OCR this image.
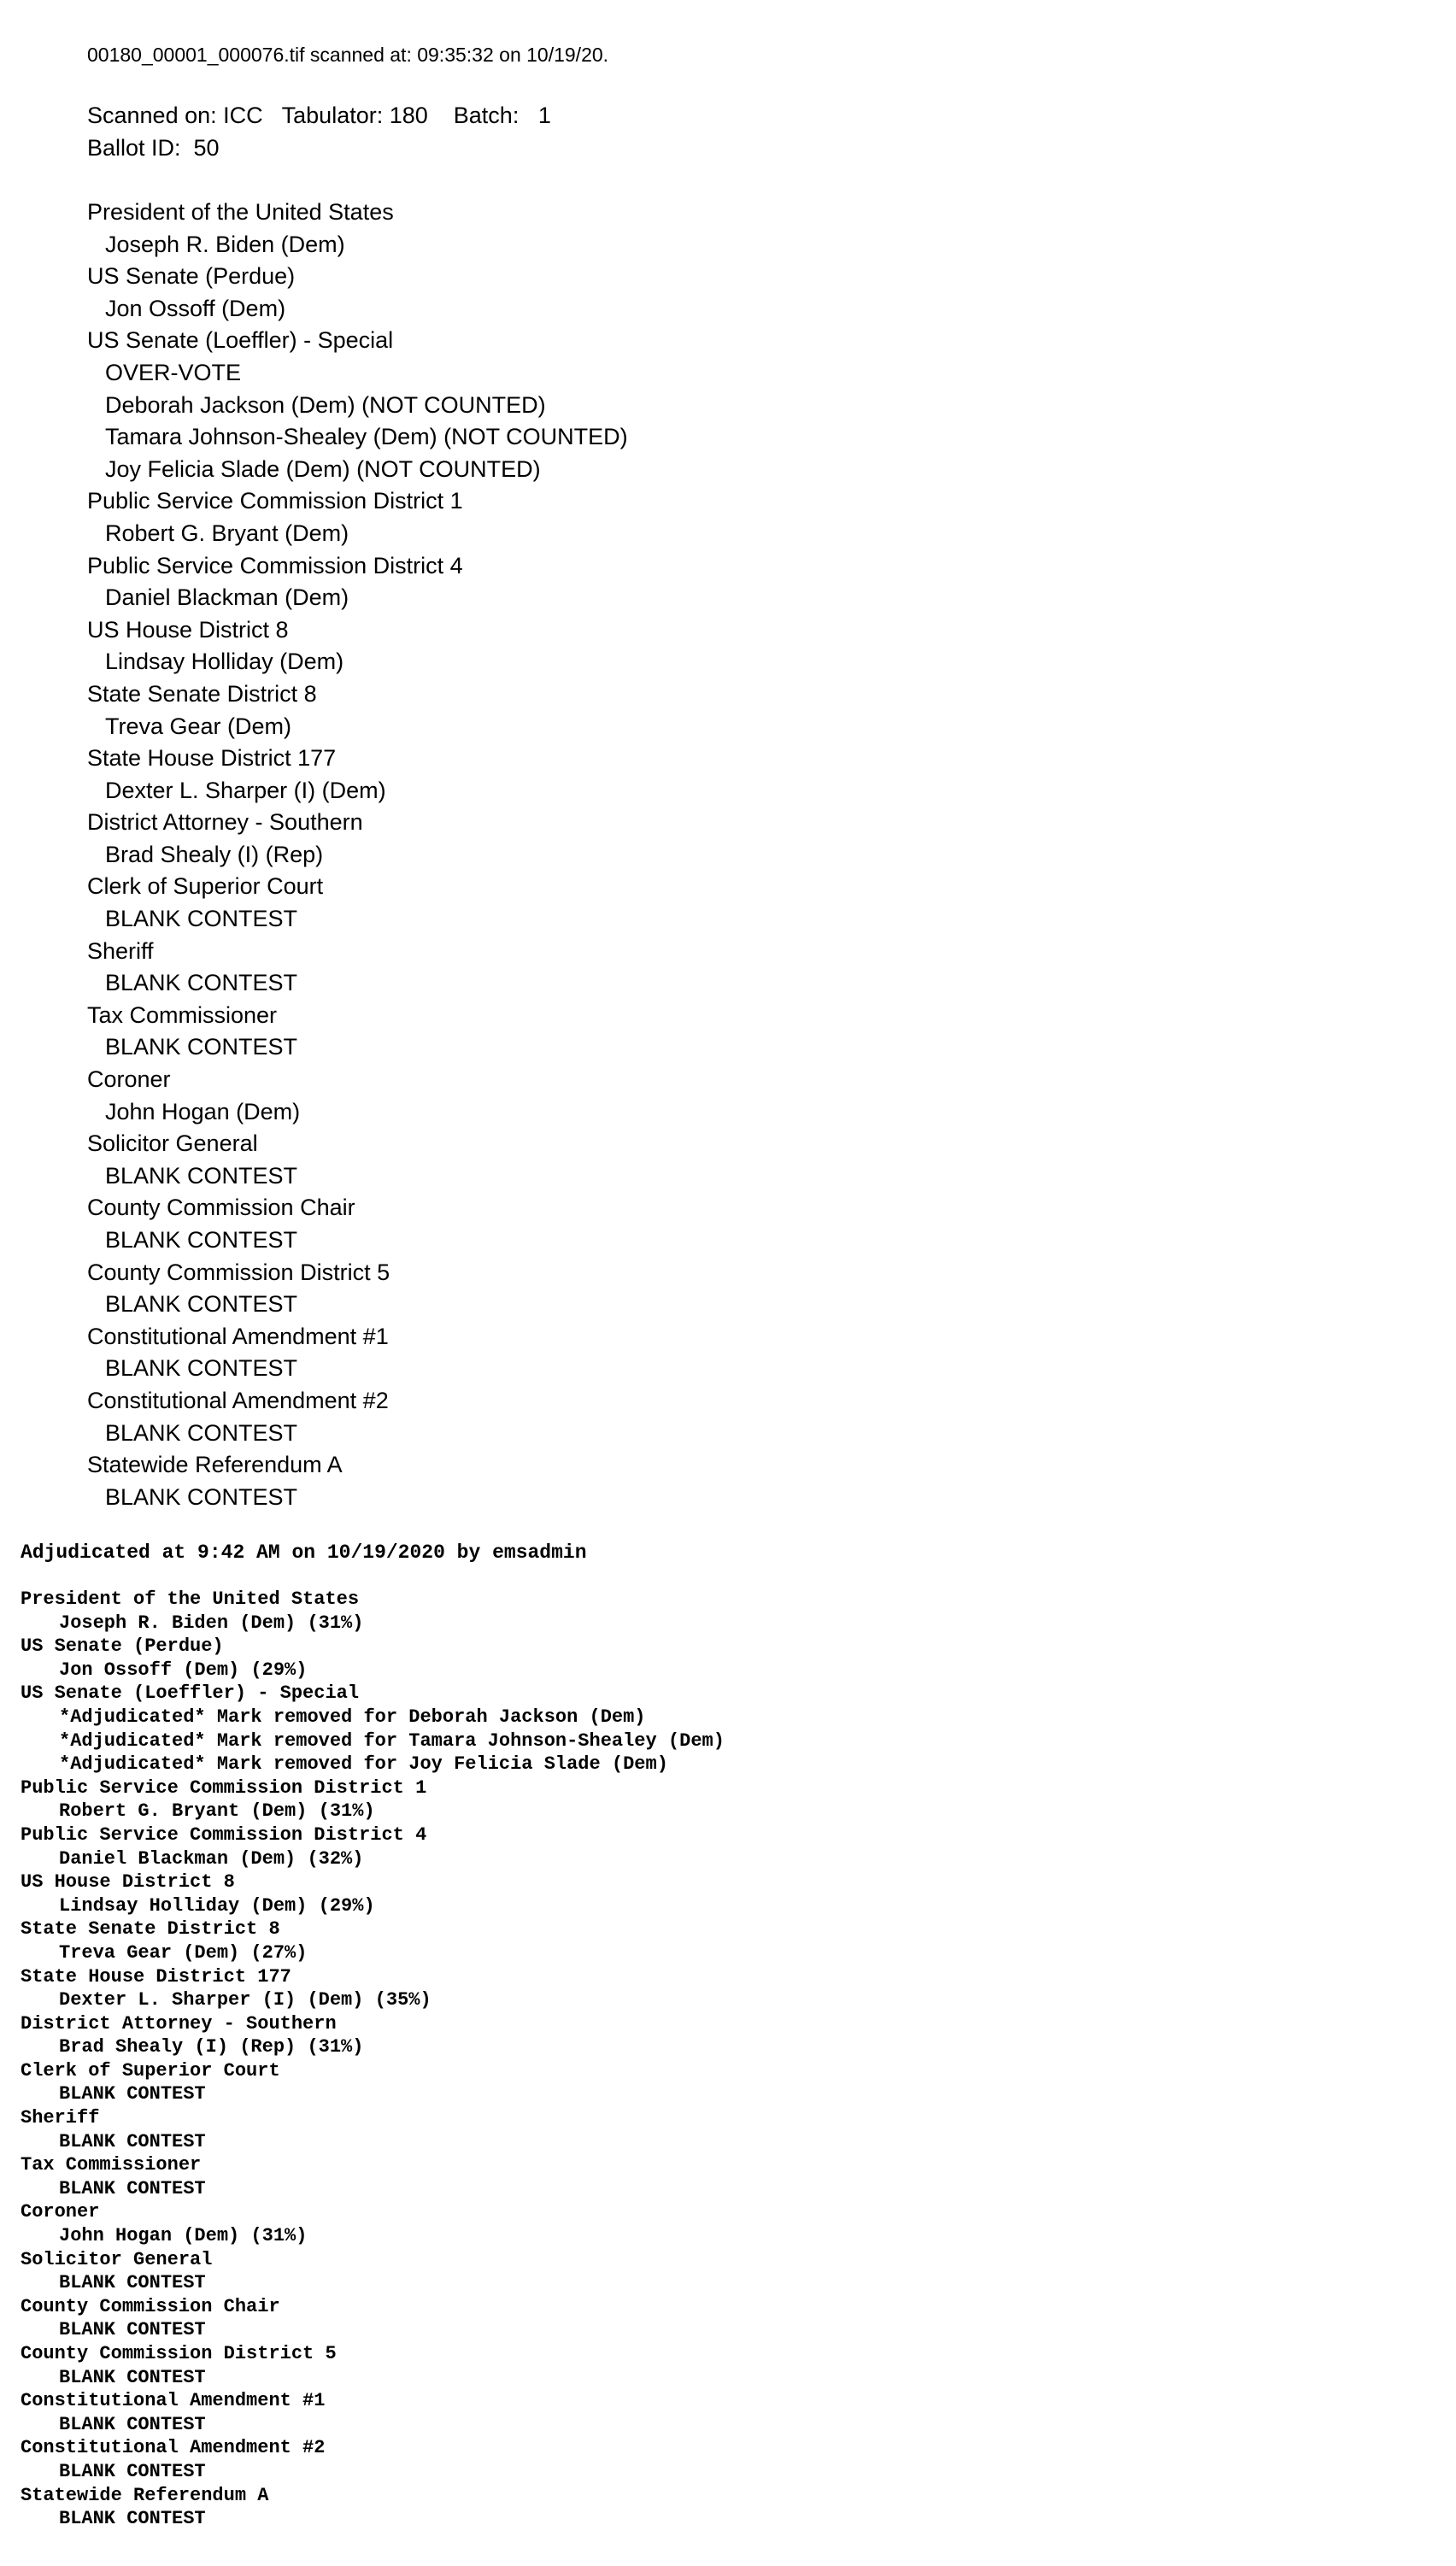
00180_00001_000076.tif scanned at: 09:35:32 on 10/19/20.
Scanned on: ICC   Tabulator: 180    Batch:   1
Ballot ID:  50
President of the United States
Joseph R. Biden (Dem)
US Senate (Perdue)
Jon Ossoff (Dem)
US Senate (Loeffler) - Special
OVER-VOTE
Deborah Jackson (Dem) (NOT COUNTED)
Tamara Johnson-Shealey (Dem) (NOT COUNTED)
Joy Felicia Slade (Dem) (NOT COUNTED)
Public Service Commission District 1
Robert G. Bryant (Dem)
Public Service Commission District 4
Daniel Blackman (Dem)
US House District 8
Lindsay Holliday (Dem)
State Senate District 8
Treva Gear (Dem)
State House District 177
Dexter L. Sharper (I) (Dem)
District Attorney - Southern
Brad Shealy (I) (Rep)
Clerk of Superior Court
BLANK CONTEST
Sheriff
BLANK CONTEST
Tax Commissioner
BLANK CONTEST
Coroner
John Hogan (Dem)
Solicitor General
BLANK CONTEST
County Commission Chair
BLANK CONTEST
County Commission District 5
BLANK CONTEST
Constitutional Amendment #1
BLANK CONTEST
Constitutional Amendment #2
BLANK CONTEST
Statewide Referendum A
BLANK CONTEST
Adjudicated at 9:42 AM on 10/19/2020 by emsadmin
President of the United States
Joseph R. Biden (Dem) (31%)
US Senate (Perdue)
Jon Ossoff (Dem) (29%)
US Senate (Loeffler) - Special
*Adjudicated* Mark removed for Deborah Jackson (Dem)
*Adjudicated* Mark removed for Tamara Johnson-Shealey (Dem)
*Adjudicated* Mark removed for Joy Felicia Slade (Dem)
Public Service Commission District 1
Robert G. Bryant (Dem) (31%)
Public Service Commission District 4
Daniel Blackman (Dem) (32%)
US House District 8
Lindsay Holliday (Dem) (29%)
State Senate District 8
Treva Gear (Dem) (27%)
State House District 177
Dexter L. Sharper (I) (Dem) (35%)
District Attorney - Southern
Brad Shealy (I) (Rep) (31%)
Clerk of Superior Court
BLANK CONTEST
Sheriff
BLANK CONTEST
Tax Commissioner
BLANK CONTEST
Coroner
John Hogan (Dem) (31%)
Solicitor General
BLANK CONTEST
County Commission Chair
BLANK CONTEST
County Commission District 5
BLANK CONTEST
Constitutional Amendment #1
BLANK CONTEST
Constitutional Amendment #2
BLANK CONTEST
Statewide Referendum A
BLANK CONTEST
